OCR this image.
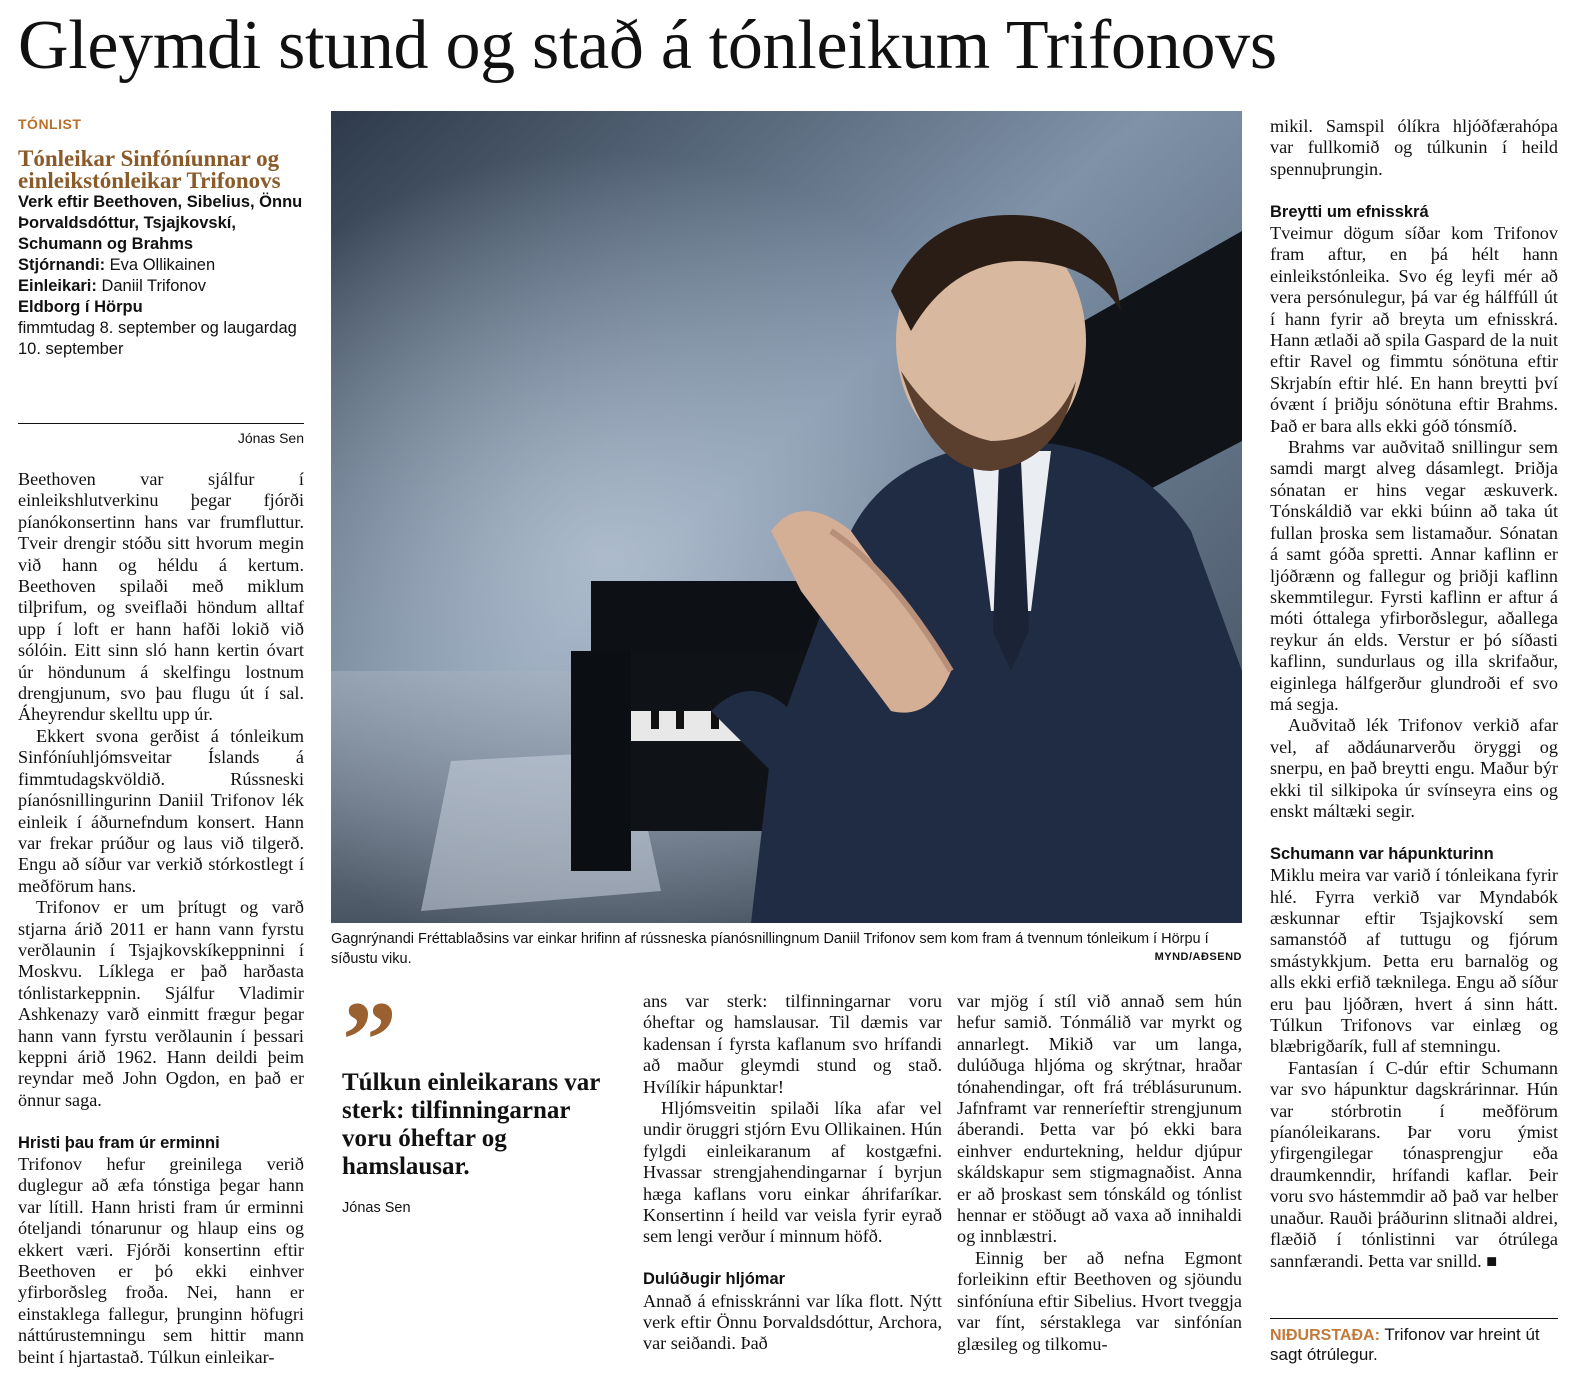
Gleymdi stund og stað á tónleikum Trifonovs
TÓNLIST
Tónleikar Sinfóníunnar og einleikstónleikar Trifonovs
Verk eftir Beethoven, Sibelius, Önnu Þorvaldsdóttur, Tsjajkovskí, Schumann og Brahms
Stjórnandi: Eva Ollikainen
Einleikari: Daniil Trifonov
Eldborg í Hörpu
fimmtudag 8. september og laugardag 10. september
Jónas Sen

Beethoven var sjálfur í einleikshlutverkinu þegar fjórði píanókonsertinn hans var frumfluttur. Tveir drengir stóðu sitt hvorum megin við hann og héldu á kertum. Beethoven spilaði með miklum tilþrifum, og sveiflaði höndum alltaf upp í loft er hann hafði lokið við sólóin. Eitt sinn sló hann kertin óvart úr höndunum á skelfingu lostnum drengjunum, svo þau flugu út í sal. Áheyrendur skelltu upp úr.

Ekkert svona gerðist á tónleikum Sinfóníuhljómsveitar Íslands á fimmtudagskvöldið. Rússneski píanósnillingurinn Daniil Trifonov lék einleik í áðurnefndum konsert. Hann var frekar prúður og laus við tilgerð. Engu að síður var verkið stórkostlegt í meðförum hans.

Trifonov er um þrítugt og varð stjarna árið 2011 er hann vann fyrstu verðlaunin í Tsjajkovskíkeppninni í Moskvu. Líklega er það harðasta tónlistarkeppnin. Sjálfur Vladimir Ashkenazy varð einmitt frægur þegar hann vann fyrstu verðlaunin í þessari keppni árið 1962. Hann deildi þeim reyndar með John Ogdon, en það er önnur saga.

Hristi þau fram úr erminni

Trifonov hefur greinilega verið duglegur að æfa tónstiga þegar hann var lítill. Hann hristi fram úr erminni óteljandi tónarunur og hlaup eins og ekkert væri. Fjórði konsertinn eftir Beethoven er þó ekki einhver yfirborðsleg froða. Nei, hann er einstaklega fallegur, þrunginn höfugri náttúrustemningu sem hittir mann beint í hjartastað. Túlkun einleikar-

Gagnrýnandi Fréttablaðsins var einkar hrifinn af rússneska píanósnillingnum Daniil Trifonov sem kom fram á tvennum tónleikum í Hörpu í síðustu viku.	MYND/AÐSEND
”
Túlkun einleikarans var sterk: tilfinningarnar voru óheftar og hamslausar.
Jónas Sen

ans var sterk: tilfinningarnar voru óheftar og hamslausar. Til dæmis var kadensan í fyrsta kaflanum svo hrífandi að maður gleymdi stund og stað. Hvílíkir hápunktar!

Hljómsveitin spilaði líka afar vel undir öruggri stjórn Evu Ollikainen. Hún fylgdi einleikaranum af kostgæfni. Hvassar strengjahendingarnar í byrjun hæga kaflans voru einkar áhrifaríkar. Konsertinn í heild var veisla fyrir eyrað sem lengi verður í minnum höfð.

Dulúðugir hljómar

Annað á efnisskránni var líka flott. Nýtt verk eftir Önnu Þorvaldsdóttur, Archora, var seiðandi. Það

var mjög í stíl við annað sem hún hefur samið. Tónmálið var myrkt og annarlegt. Mikið var um langa, dulúðuga hljóma og skrýtnar, hraðar tónahendingar, oft frá tréblásurunum. Jafnframt var renneríeftir strengjunum áberandi. Þetta var þó ekki bara einhver endurtekning, heldur djúpur skáldskapur sem stigmagnaðist. Anna er að þroskast sem tónskáld og tónlist hennar er stöðugt að vaxa að innihaldi og innblæstri.

Einnig ber að nefna Egmont forleikinn eftir Beethoven og sjöundu sinfóníuna eftir Sibelius. Hvort tveggja var fínt, sérstaklega var sinfónían glæsileg og tilkomu-

mikil. Samspil ólíkra hljóðfærahópa var fullkomið og túlkunin í heild spennuþrungin.

Breytti um efnisskrá

Tveimur dögum síðar kom Trifonov fram aftur, en þá hélt hann einleikstónleika. Svo ég leyfi mér að vera persónulegur, þá var ég hálffúll út í hann fyrir að breyta um efnisskrá. Hann ætlaði að spila Gaspard de la nuit eftir Ravel og fimmtu sónötuna eftir Skrjabín eftir hlé. En hann breytti því óvænt í þriðju sónötuna eftir Brahms. Það er bara alls ekki góð tónsmíð.

Brahms var auðvitað snillingur sem samdi margt alveg dásamlegt. Þriðja sónatan er hins vegar æskuverk. Tónskáldið var ekki búinn að taka út fullan þroska sem listamaður. Sónatan á samt góða spretti. Annar kaflinn er ljóðrænn og fallegur og þriðji kaflinn skemmtilegur. Fyrsti kaflinn er aftur á móti óttalega yfirborðslegur, aðallega reykur án elds. Verstur er þó síðasti kaflinn, sundurlaus og illa skrifaður, eiginlega hálfgerður glundroði ef svo má segja.

Auðvitað lék Trifonov verkið afar vel, af aðdáunarverðu öryggi og snerpu, en það breytti engu. Maður býr ekki til silkipoka úr svínseyra eins og enskt máltæki segir.

Schumann var hápunkturinn

Miklu meira var varið í tónleikana fyrir hlé. Fyrra verkið var Myndabók æskunnar eftir Tsjajkovskí sem samanstóð af tuttugu og fjórum smástykkjum. Þetta eru barnalög og alls ekki erfið tæknilega. Engu að síður eru þau ljóðræn, hvert á sinn hátt. Túlkun Trifonovs var einlæg og blæbrigðarík, full af stemningu.

Fantasían í C-dúr eftir Schumann var svo hápunktur dagskrárinnar. Hún var stórbrotin í meðförum píanóleikarans. Þar voru ýmist yfirgengilegar tónasprengjur eða draumkenndir, hrífandi kaflar. Þeir voru svo hástemmdir að það var helber unaður. Rauði þráðurinn slitnaði aldrei, flæðið í tónlistinni var ótrúlega sannfærandi. Þetta var snilld. ■

NIÐURSTAÐA: Trifonov var hreint út sagt ótrúlegur.
